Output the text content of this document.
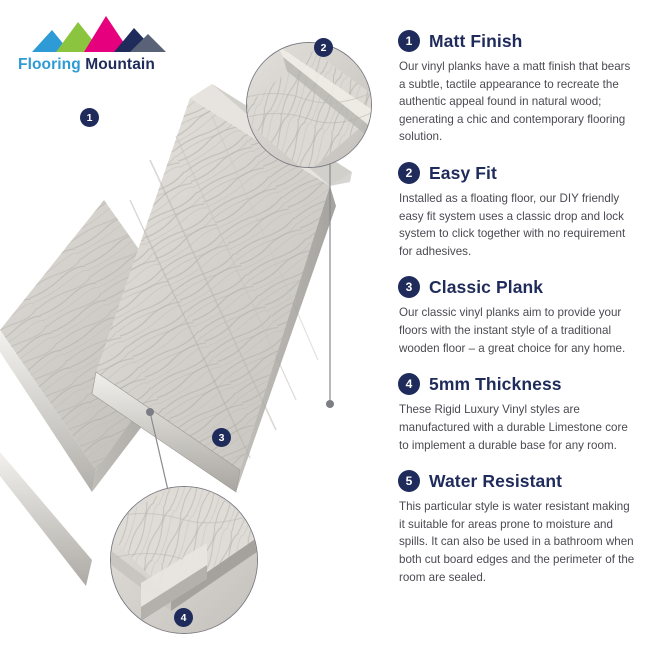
1
2
3
4
Flooring Mountain
1 Matt Finish
Our vinyl planks have a matt finish that bears a subtle, tactile appearance to recreate the authentic appeal found in natural wood; generating a chic and contemporary flooring solution.
2 Easy Fit
Installed as a floating floor, our DIY friendly easy fit system uses a classic drop and lock system to click together with no requirement for adhesives.
3 Classic Plank
Our classic vinyl planks aim to provide your floors with the instant style of a traditional wooden floor – a great choice for any home.
4 5mm Thickness
These Rigid Luxury Vinyl styles are manufactured with a durable Limestone core to implement a durable base for any room.
5 Water Resistant
This particular style is water resistant making it suitable for areas prone to moisture and spills. It can also be used in a bathroom when both cut board edges and the perimeter of the room are sealed.
